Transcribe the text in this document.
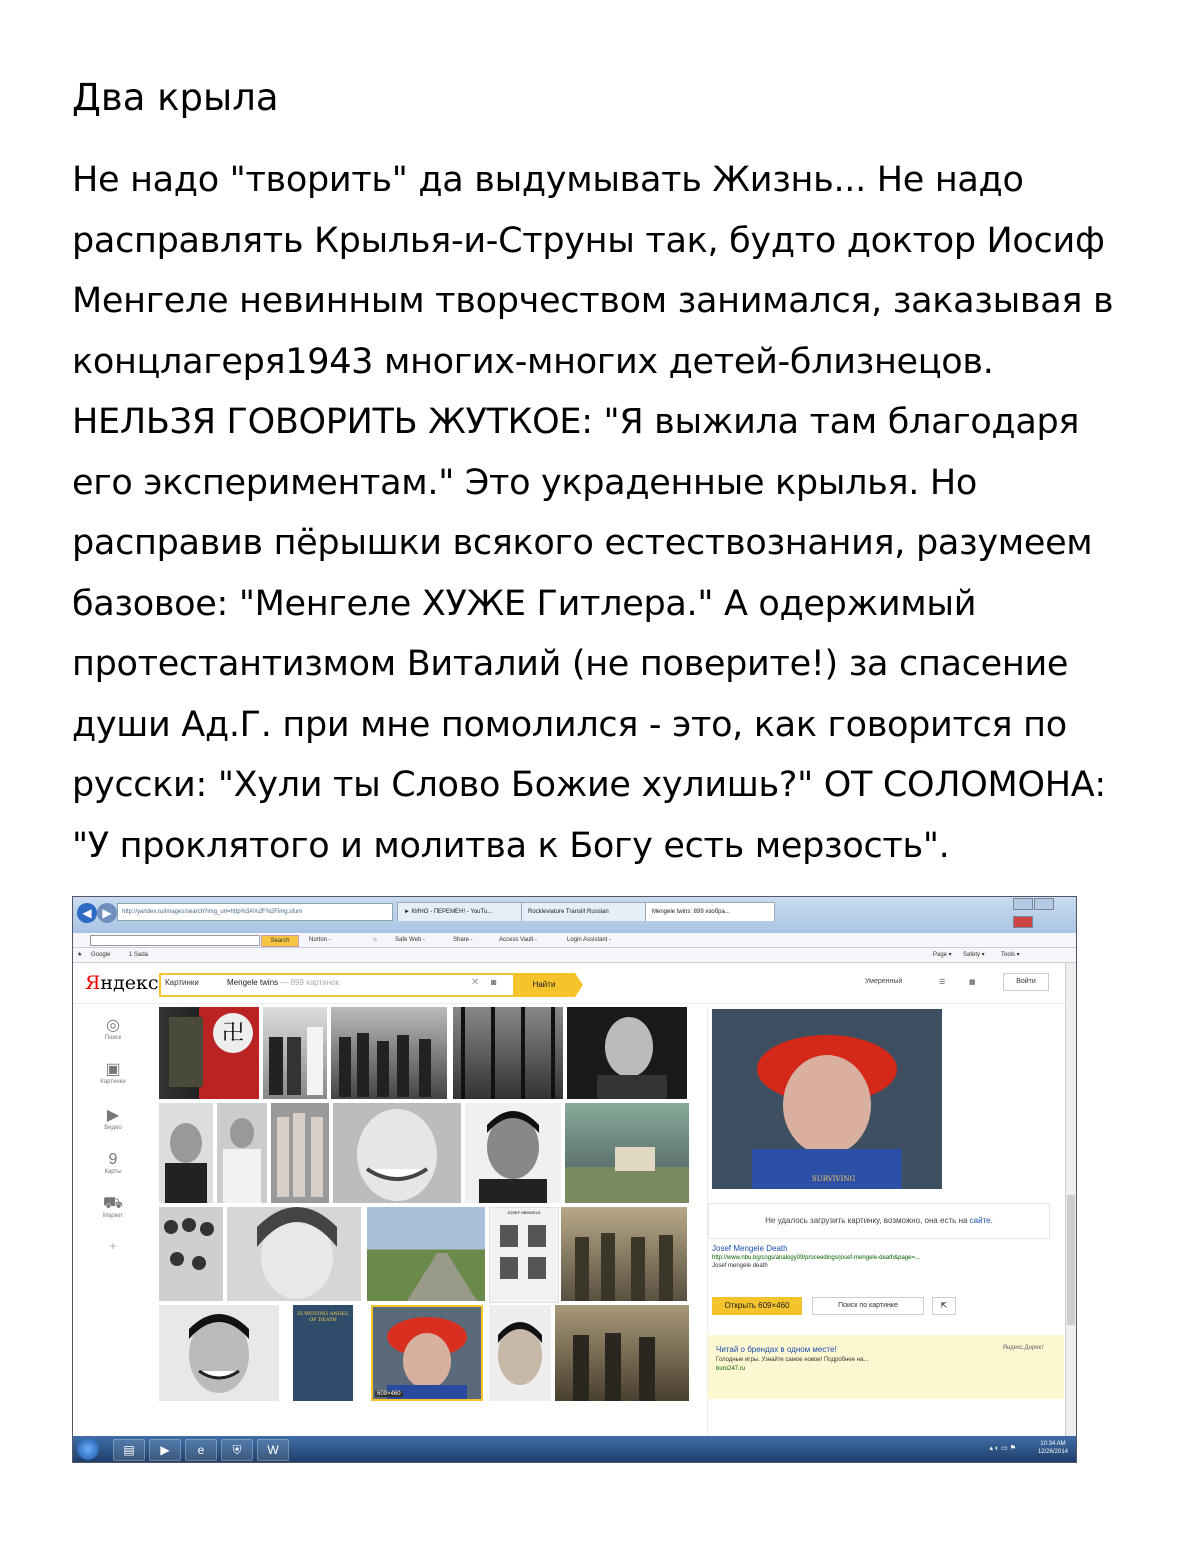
Два крыла
Не надо "творить" да выдумывать Жизнь... Не надо
расправлять Крылья-и-Струны так, будто доктор Иосиф
Менгеле невинным творчеством занимался, заказывая в
концлагеря1943 многих-многих детей-близнецов.
НЕЛЬЗЯ ГОВОРИТЬ ЖУТКОЕ: "Я выжила там благодаря
его экспериментам." Это украденные крылья. Но
расправив пёрышки всякого естествознания, разумеем
базовое: "Менгеле ХУЖЕ Гитлера." А одержимый
протестантизмом Виталий (не поверите!) за спасение
души Ад.Г. при мне помолился - это, как говорится по
русски: "Хули ты Слово Божие хулишь?" ОТ СОЛОМОНА:
"У проклятого и молитва к Богу есть мерзость".
◀ ▶	http://yandex.ru/images/search?img_url=http%3A%2F%2Fimg.sfum	► КИНО - ПЕРЕМЕН! - YouTu...	Rockleviature Translit Russian	Mengele twins: 899 изобра...
Search	Norton -	⌂	Safe Web -	Share -	Access Vault -	Login Assistant -
★ Google	1 Sada	Page ▾ Safety ▾	Tools ▾
Яндекс Картинки	Mengele twins — 899 картинок	✕ ◙	Найти	Умеренный	☰	▦	Войти
◎
Поиск
▣
Картинки
▶
Видео
9
Карты
⛟
Маркет
+
卍
JOSEF MENGELE
SURVIVING ANGEL OF DEATH
609×460
SURVIVING
Не удалось загрузить картинку, возможно, она есть на сайте.
Josef Mengele Death
http://www.nbu.bg/cogs/analogy09/proceedings/josef-mengele-death&page=...
Josef mengele death
Открыть 609×460	Поиск по картинке	⇱
Читай о брендах в одном месте!
Голодные игры. Узнайте самое новое! Подробнее на...
buro247.ru
Яндекс.Директ
▤	▶	e	⛨	W	▴ ◐ ▭ ⚑
10:34 AM
12/26/2014
